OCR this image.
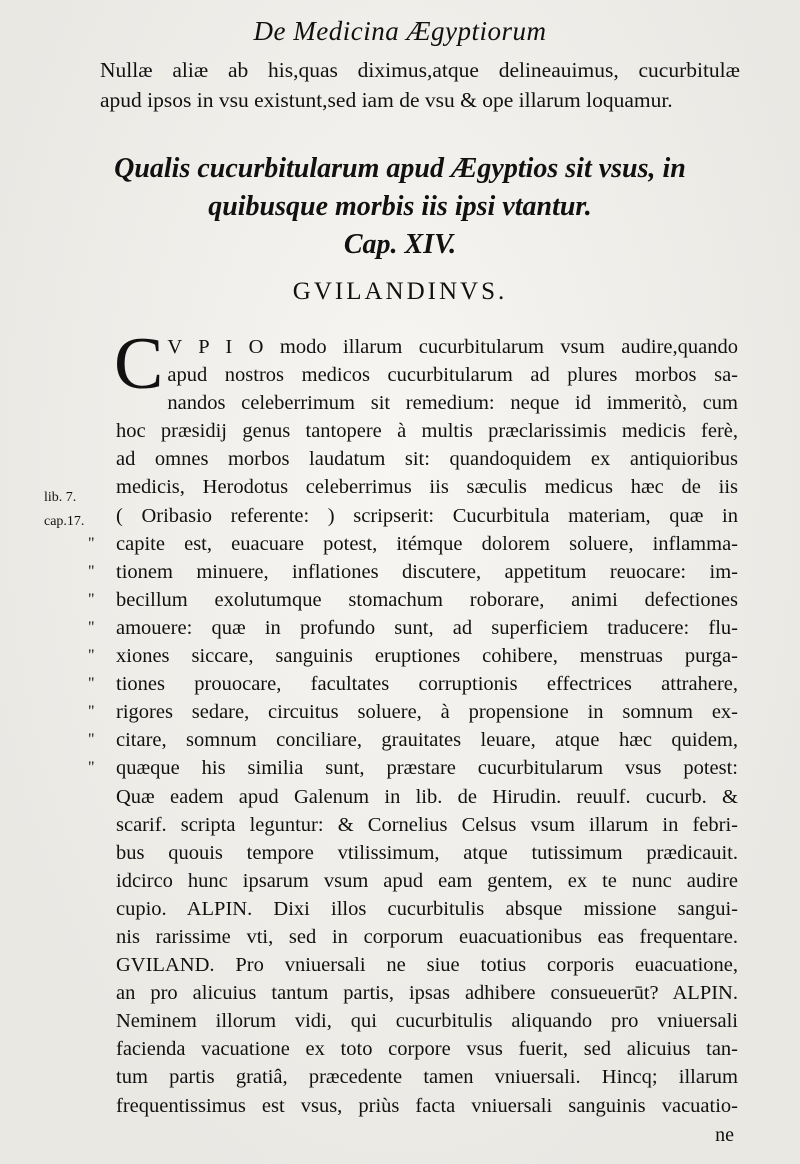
De Medicina Ægyptiorum
Nullæ aliæ ab his,quas diximus,atque delineauimus, cucurbitulæ
apud ipsos in vsu existunt,sed iam de vsu & ope illarum loquamur.
Qualis cucurbitularum apud Ægyptios sit vsus, in
quibusque morbis iis ipsi vtantur.
Cap. XIV.
GVILANDINVS.
lib. 7.
cap.17.
C V P I O modo illarum cucurbitularum vsum audire,quando
apud nostros medicos cucurbitularum ad plures morbos sa-
nandos celeberrimum sit remedium: neque id immeritò, cum
hoc præsidij genus tantopere à multis præclarissimis medicis ferè,
ad omnes morbos laudatum sit: quandoquidem ex antiquioribus
medicis, Herodotus celeberrimus iis sæculis medicus hæc de iis
( Oribasio referente: ) scripserit: Cucurbitula materiam, quæ in
"	capite est, euacuare potest, itémque dolorem soluere, inflamma-
"	tionem minuere, inflationes discutere, appetitum reuocare: im-
"	becillum exolutumque stomachum roborare, animi defectiones
"	amouere: quæ in profundo sunt, ad superficiem traducere: flu-
"	xiones siccare, sanguinis eruptiones cohibere, menstruas purga-
"	tiones prouocare, facultates corruptionis effectrices attrahere,
"	rigores sedare, circuitus soluere, à propensione in somnum ex-
"	citare, somnum conciliare, grauitates leuare, atque hæc quidem,
"	quæque his similia sunt, præstare cucurbitularum vsus potest:
Quæ eadem apud Galenum in lib. de Hirudin. reuulf. cucurb. &
scarif. scripta leguntur: & Cornelius Celsus vsum illarum in febri-
bus quouis tempore vtilissimum, atque tutissimum prædicauit.
idcirco hunc ipsarum vsum apud eam gentem, ex te nunc audire
cupio. ALPIN. Dixi illos cucurbitulis absque missione sangui-
nis rarissime vti, sed in corporum euacuationibus eas frequentare.
GVILAND. Pro vniuersali ne siue totius corporis euacuatione,
an pro alicuius tantum partis, ipsas adhibere consueuerūt? ALPIN.
Neminem illorum vidi, qui cucurbitulis aliquando pro vniuersali
facienda vacuatione ex toto corpore vsus fuerit, sed alicuius tan-
tum partis gratiâ, præcedente tamen vniuersali. Hincq; illarum
frequentissimus est vsus, priùs facta vniuersali sanguinis vacuatio-
ne
